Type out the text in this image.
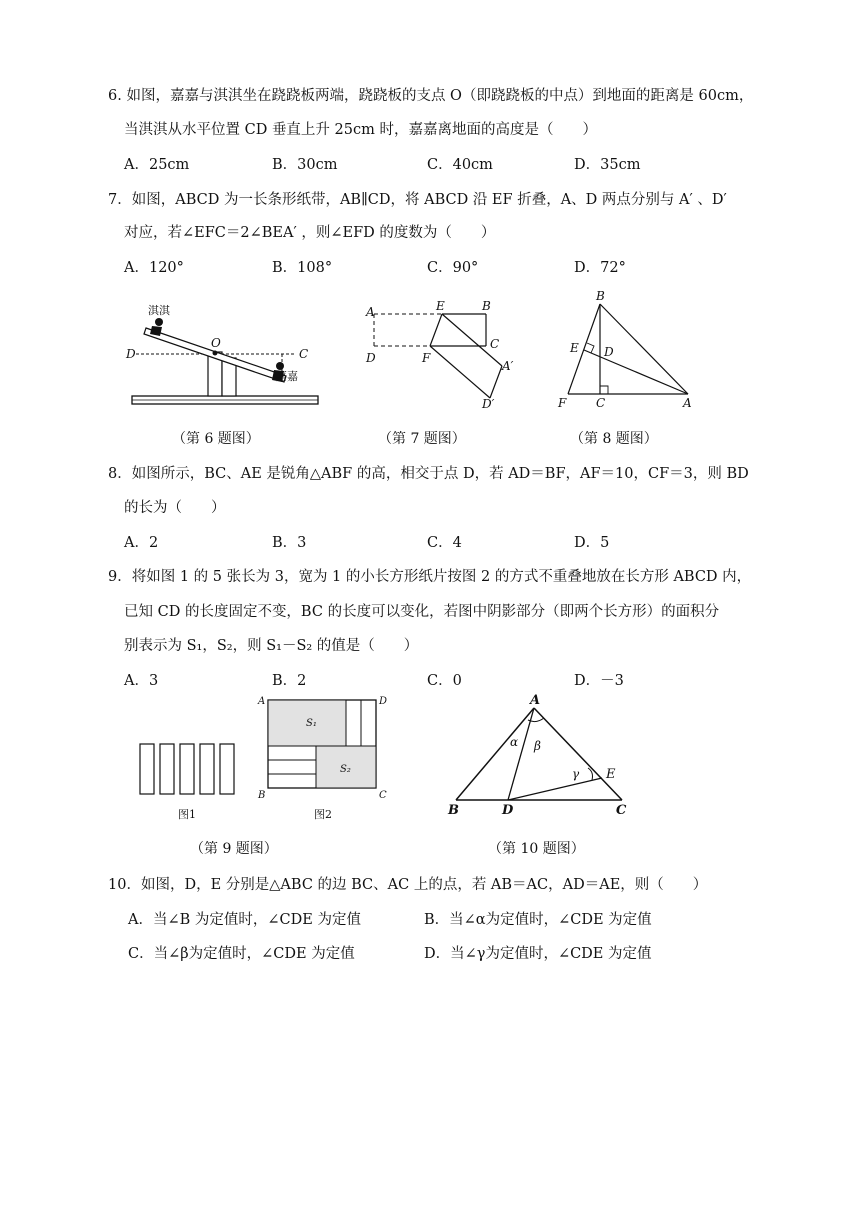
6. 如图，嘉嘉与淇淇坐在跷跷板两端，跷跷板的支点 O（即跷跷板的中点）到地面的距离是 60cm，
当淇淇从水平位置 CD 垂直上升 25cm 时，嘉嘉离地面的高度是（　　）
A．25cm	B．30cm	C．40cm	D．35cm
7．如图，ABCD 为一长条形纸带，AB∥CD，将 ABCD 沿 EF 折叠，A、D 两点分别与 A′ 、D′
对应，若∠EFC＝2∠BEA′ ，则∠EFD 的度数为（　　）
A．120°	B．108°	C．90°	D．72°
淇淇
嘉嘉
D
O
C
（第 6 题图）
A	E	B
D	F
C
A′
D′
（第 7 题图）
B
E D
F C	A
（第 8 题图）
8．如图所示，BC、AE 是锐角△ABF 的高，相交于点 D，若 AD＝BF，AF＝10，CF＝3，则 BD
的长为（　　）
A．2	B．3	C．4	D．5
9．将如图 1 的 5 张长为 3，宽为 1 的小长方形纸片按图 2 的方式不重叠地放在长方形 ABCD 内，
已知 CD 的长度固定不变，BC 的长度可以变化，若图中阴影部分（即两个长方形）的面积分
别表示为 S₁，S₂，则 S₁－S₂ 的值是（　　）
A．3	B．2	C．0	D．－3
S₁
S₂
A	D
B	C
图1	图2
（第 9 题图）
A
α β
γ E
B	D	C
（第 10 题图）
10．如图，D，E 分别是△ABC 的边 BC、AC 上的点，若 AB＝AC，AD＝AE，则（　　）
A．当∠B 为定值时，∠CDE 为定值	B．当∠α为定值时，∠CDE 为定值
C．当∠β为定值时，∠CDE 为定值	D．当∠γ为定值时，∠CDE 为定值
